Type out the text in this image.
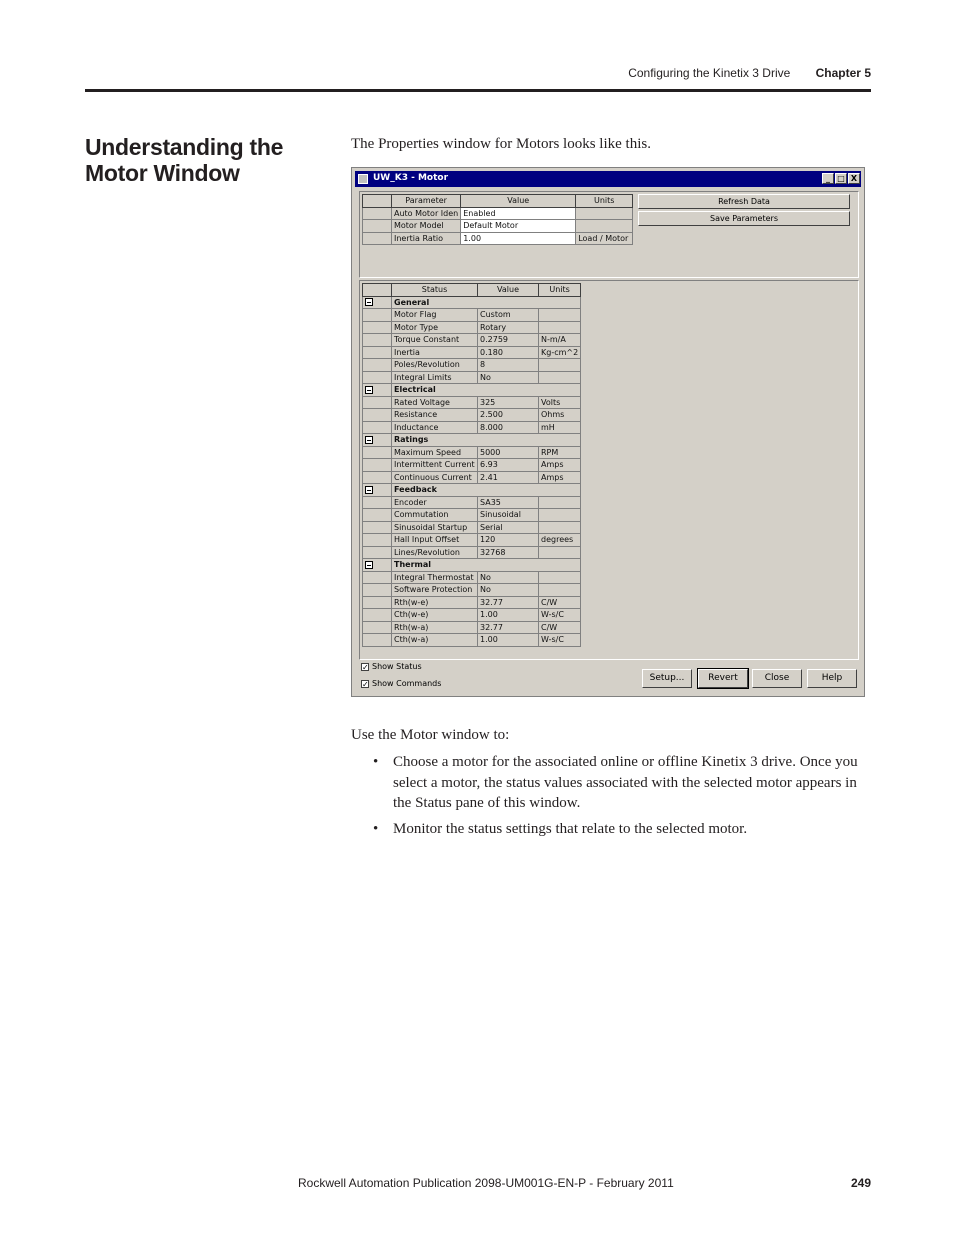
Configuring the Kinetix 3 Drive Chapter 5
Understanding the Motor Window
The Properties window for Motors looks like this.
UW_K3 - Motor	_ □ X
	Parameter	Value	Units
	Auto Motor Iden	Enabled	
	Motor Model	Default Motor	
	Inertia Ratio	1.00	Load / Motor
Refresh Data
Save Parameters
	Status	Value	Units
	General		
	Motor Flag	Custom	
	Motor Type	Rotary	
	Torque Constant	0.2759	N-m/A
	Inertia	0.180	Kg-cm^2
	Poles/Revolution	8	
	Integral Limits	No	
	Electrical		
	Rated Voltage	325	Volts
	Resistance	2.500	Ohms
	Inductance	8.000	mH
	Ratings		
	Maximum Speed	5000	RPM
	Intermittent Current	6.93	Amps
	Continuous Current	2.41	Amps
	Feedback		
	Encoder	SA35	
	Commutation	Sinusoidal	
	Sinusoidal Startup	Serial	
	Hall Input Offset	120	degrees
	Lines/Revolution	32768	
	Thermal		
	Integral Thermostat	No	
	Software Protection	No	
	Rth(w-e)	32.77	C/W
	Cth(w-e)	1.00	W-s/C
	Rth(w-a)	32.77	C/W
	Cth(w-a)	1.00	W-s/C
✓ Show Status
✓ Show Commands
Setup...	Revert	Close	Help
Use the Motor window to:
• Choose a motor for the associated online or offline Kinetix 3 drive. Once you select a motor, the status values associated with the selected motor appears in the Status pane of this window.
• Monitor the status settings that relate to the selected motor.
Rockwell Automation Publication 2098-UM001G-EN-P - February 2011	249
